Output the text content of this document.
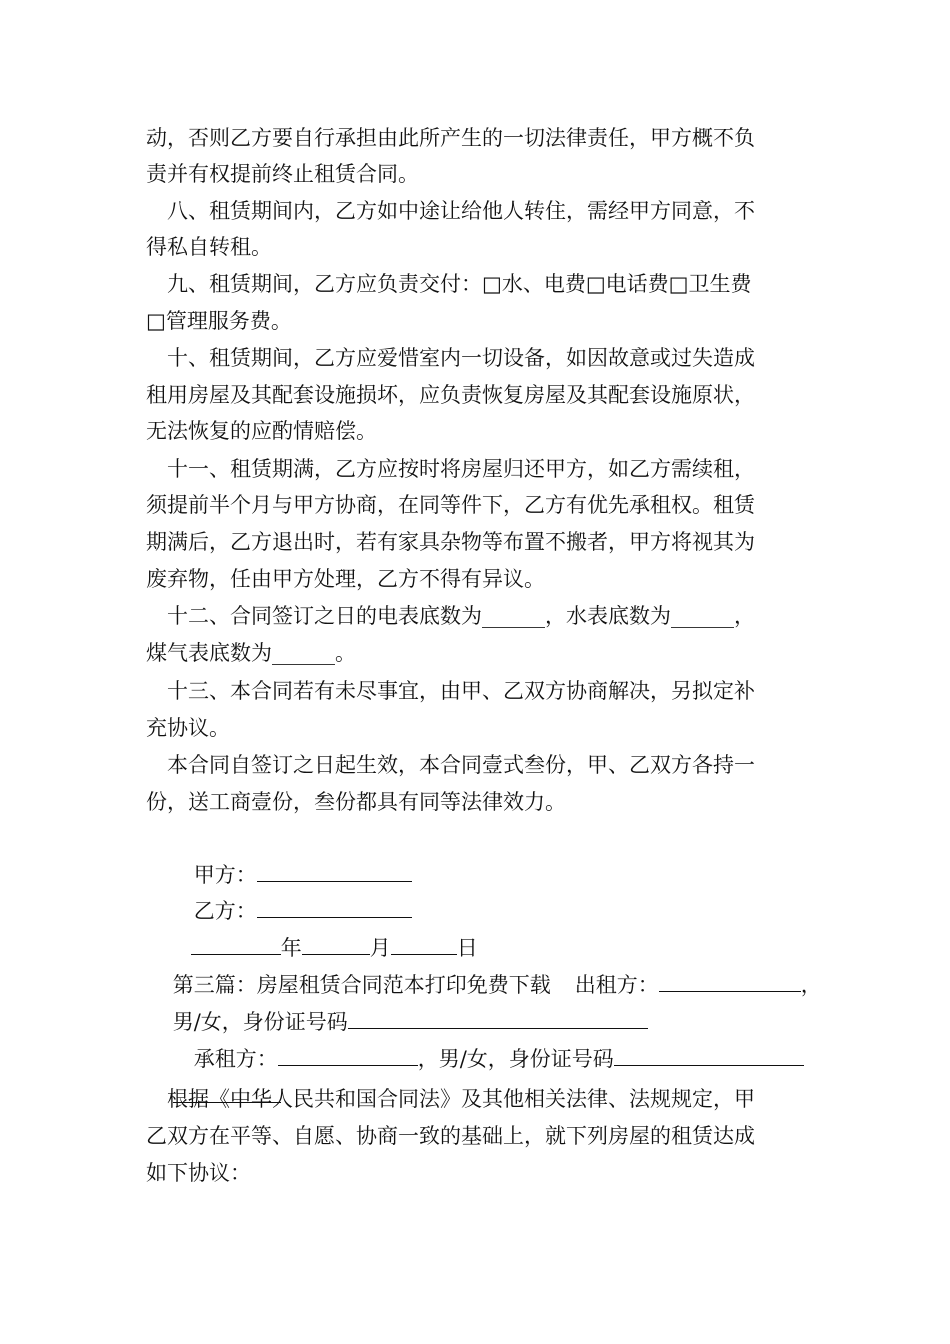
动，否则乙方要自行承担由此所产生的一切法律责任，甲方概不负
责并有权提前终止租赁合同。
八、租赁期间内，乙方如中途让给他人转住，需经甲方同意，不
得私自转租。
九、租赁期间，乙方应负责交付：□水、电费□电话费□卫生费
□管理服务费。
十、租赁期间，乙方应爱惜室内一切设备，如因故意或过失造成
租用房屋及其配套设施损坏，应负责恢复房屋及其配套设施原状，
无法恢复的应酌情赔偿。
十一、租赁期满，乙方应按时将房屋归还甲方，如乙方需续租，
须提前半个月与甲方协商，在同等件下，乙方有优先承租权。租赁
期满后，乙方退出时，若有家具杂物等布置不搬者，甲方将视其为
废弃物，任由甲方处理，乙方不得有异议。
十二、合同签订之日的电表底数为______，水表底数为______，
煤气表底数为______。
十三、本合同若有未尽事宜，由甲、乙双方协商解决，另拟定补
充协议。
本合同自签订之日起生效，本合同壹式叁份，甲、乙双方各持一
份，送工商壹份，叁份都具有同等法律效力。

甲方：

乙方：

年	月	日

第三篇：房屋租赁合同范本打印免费下载 出租方：	，

男/女，身份证号码

承租方：	，男/女，身份证号码

根据《中华人民共和国合同法》及其他相关法律、法规规定，甲
乙双方在平等、自愿、协商一致的基础上，就下列房屋的租赁达成
如下协议：
